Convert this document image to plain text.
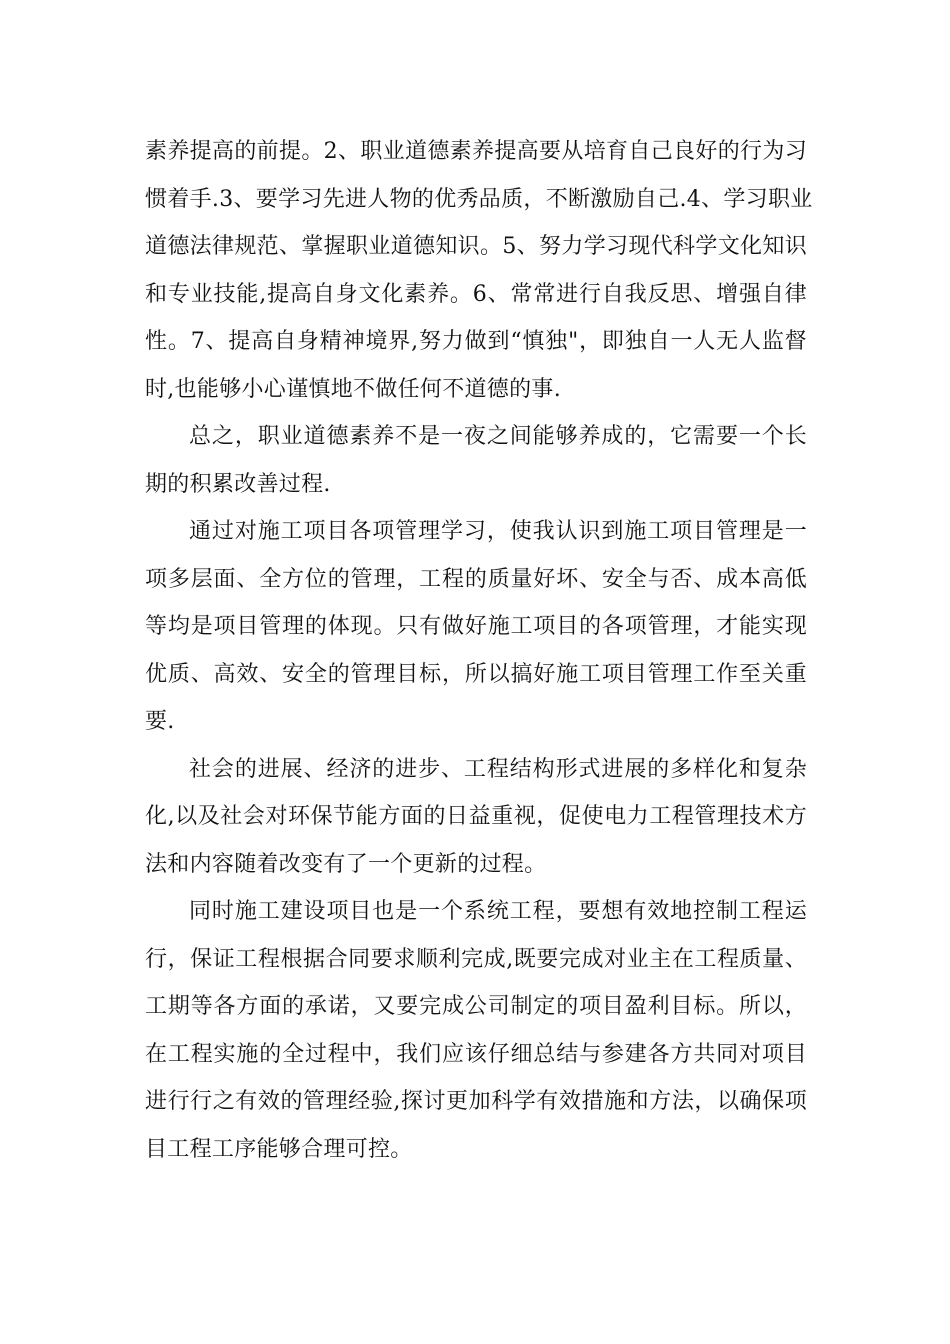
素养提高的前提。2、职业道德素养提高要从培育自己良好的行为习
惯着手.3、要学习先进人物的优秀品质，不断激励自己.4、学习职业
道德法律规范、掌握职业道德知识。5、努力学习现代科学文化知识
和专业技能,提高自身文化素养。6、常常进行自我反思、增强自律
性。7、提高自身精神境界,努力做到“慎独"，即独自一人无人监督
时,也能够小心谨慎地不做任何不道德的事.
总之，职业道德素养不是一夜之间能够养成的，它需要一个长
期的积累改善过程.
通过对施工项目各项管理学习，使我认识到施工项目管理是一
项多层面、全方位的管理，工程的质量好坏、安全与否、成本高低
等均是项目管理的体现。只有做好施工项目的各项管理，才能实现
优质、高效、安全的管理目标，所以搞好施工项目管理工作至关重
要.
社会的进展、经济的进步、工程结构形式进展的多样化和复杂
化,以及社会对环保节能方面的日益重视，促使电力工程管理技术方
法和内容随着改变有了一个更新的过程。
同时施工建设项目也是一个系统工程，要想有效地控制工程运
行，保证工程根据合同要求顺利完成,既要完成对业主在工程质量、
工期等各方面的承诺，又要完成公司制定的项目盈利目标。所以，
在工程实施的全过程中，我们应该仔细总结与参建各方共同对项目
进行行之有效的管理经验,探讨更加科学有效措施和方法，以确保项
目工程工序能够合理可控。
